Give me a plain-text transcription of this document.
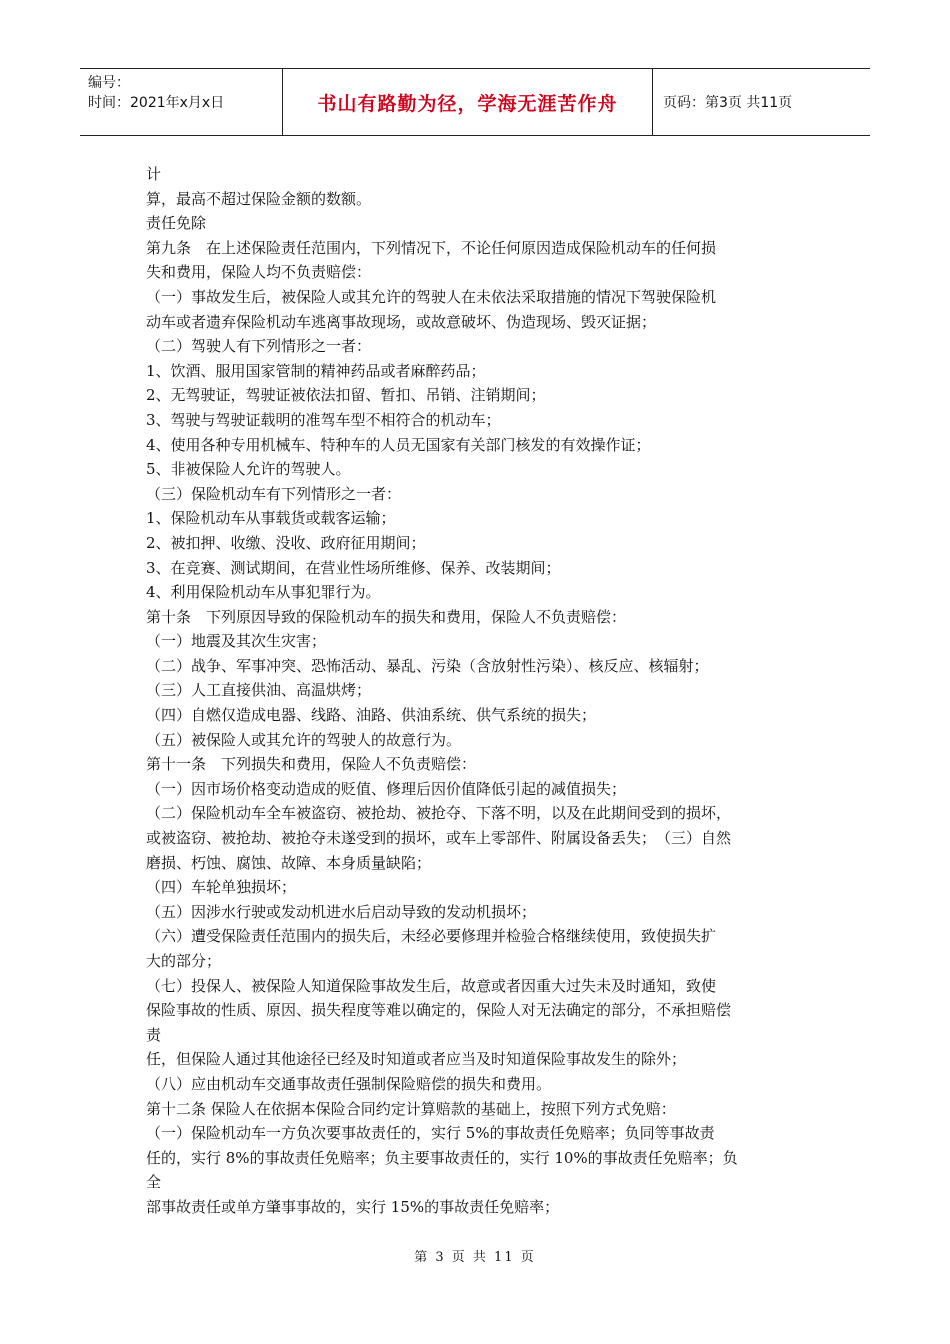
编号：
时间：2021年x月x日	书山有路勤为径，学海无涯苦作舟	页码：第3页 共11页
计
算，最高不超过保险金额的数额。
责任免除
第九条　在上述保险责任范围内，下列情况下，不论任何原因造成保险机动车的任何损
失和费用，保险人均不负责赔偿：
（一）事故发生后，被保险人或其允许的驾驶人在未依法采取措施的情况下驾驶保险机
动车或者遗弃保险机动车逃离事故现场，或故意破坏、伪造现场、毁灭证据；
（二）驾驶人有下列情形之一者：
1、饮酒、服用国家管制的精神药品或者麻醉药品；
2、无驾驶证，驾驶证被依法扣留、暂扣、吊销、注销期间；
3、驾驶与驾驶证载明的准驾车型不相符合的机动车；
4、使用各种专用机械车、特种车的人员无国家有关部门核发的有效操作证；
5、非被保险人允许的驾驶人。
（三）保险机动车有下列情形之一者：
1、保险机动车从事载货或载客运输；
2、被扣押、收缴、没收、政府征用期间；
3、在竞赛、测试期间，在营业性场所维修、保养、改装期间；
4、利用保险机动车从事犯罪行为。
第十条　下列原因导致的保险机动车的损失和费用，保险人不负责赔偿：
（一）地震及其次生灾害；
（二）战争、军事冲突、恐怖活动、暴乱、污染（含放射性污染）、核反应、核辐射；
（三）人工直接供油、高温烘烤；
（四）自燃仅造成电器、线路、油路、供油系统、供气系统的损失；
（五）被保险人或其允许的驾驶人的故意行为。
第十一条　下列损失和费用，保险人不负责赔偿：
（一）因市场价格变动造成的贬值、修理后因价值降低引起的减值损失；
（二）保险机动车全车被盗窃、被抢劫、被抢夺、下落不明，以及在此期间受到的损坏，
或被盗窃、被抢劫、被抢夺未遂受到的损坏，或车上零部件、附属设备丢失；　（三）自然
磨损、朽蚀、腐蚀、故障、本身质量缺陷；
（四）车轮单独损坏；
（五）因涉水行驶或发动机进水后启动导致的发动机损坏；
（六）遭受保险责任范围内的损失后，未经必要修理并检验合格继续使用，致使损失扩
大的部分；
（七）投保人、被保险人知道保险事故发生后，故意或者因重大过失未及时通知，致使
保险事故的性质、原因、损失程度等难以确定的，保险人对无法确定的部分，不承担赔偿
责
任，但保险人通过其他途径已经及时知道或者应当及时知道保险事故发生的除外；
（八）应由机动车交通事故责任强制保险赔偿的损失和费用。
第十二条 保险人在依据本保险合同约定计算赔款的基础上，按照下列方式免赔：
（一）保险机动车一方负次要事故责任的，实行 5%的事故责任免赔率；负同等事故责
任的，实行 8%的事故责任免赔率；负主要事故责任的，实行 10%的事故责任免赔率；负
全
部事故责任或单方肇事事故的，实行 15%的事故责任免赔率；
第 3 页 共 11 页
